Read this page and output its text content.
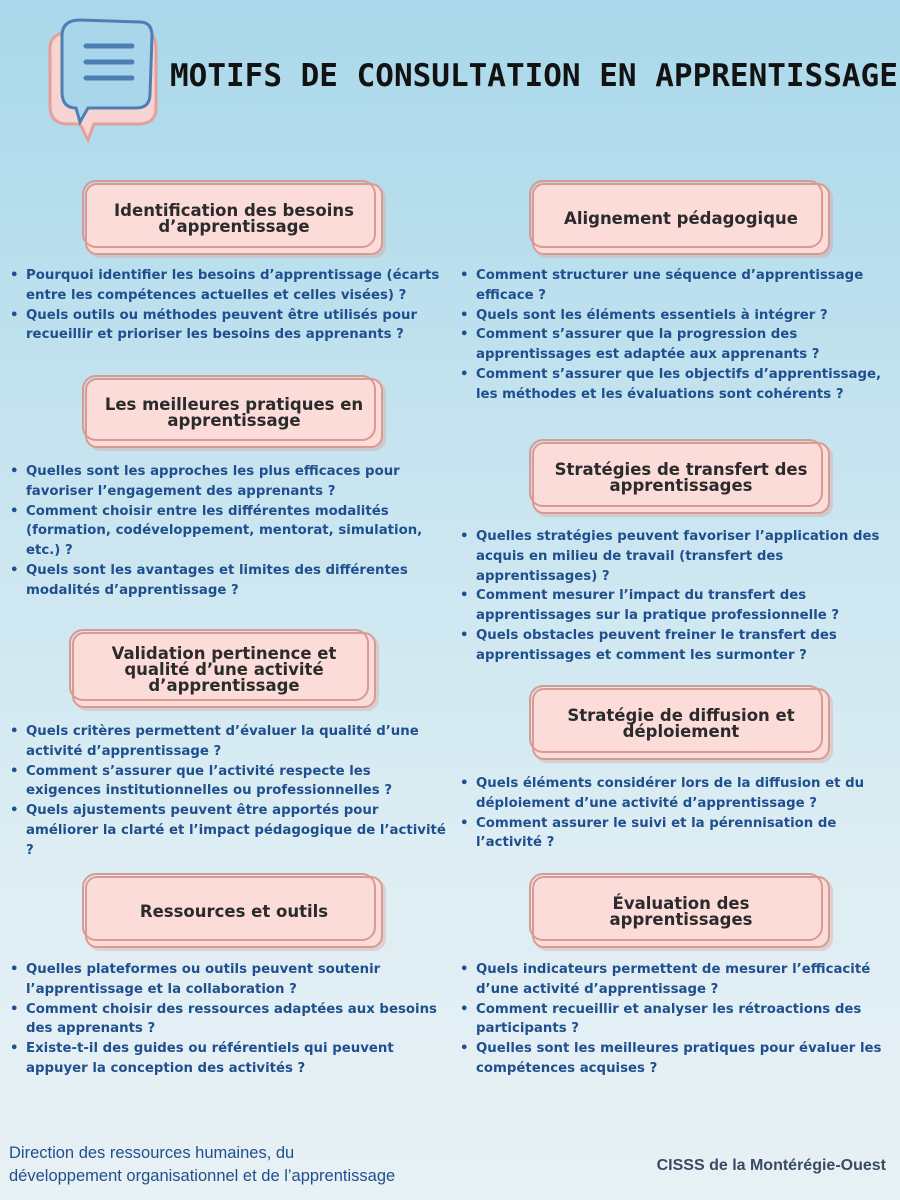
MOTIFS DE CONSULTATION EN APPRENTISSAGE
Identification des besoins d’apprentissage
• Pourquoi identifier les besoins d’apprentissage (écarts entre les compétences actuelles et celles visées) ?
• Quels outils ou méthodes peuvent être utilisés pour recueillir et prioriser les besoins des apprenants ?
Alignement pédagogique
• Comment structurer une séquence d’apprentissage efficace ?
• Quels sont les éléments essentiels à intégrer ?
• Comment s’assurer que la progression des apprentissages est adaptée aux apprenants ?
• Comment s’assurer que les objectifs d’apprentissage, les méthodes et les évaluations sont cohérents ?
Les meilleures pratiques en apprentissage
• Quelles sont les approches les plus efficaces pour favoriser l’engagement des apprenants ?
• Comment choisir entre les différentes modalités (formation, codéveloppement, mentorat, simulation, etc.) ?
• Quels sont les avantages et limites des différentes modalités d’apprentissage ?
Stratégies de transfert des apprentissages
• Quelles stratégies peuvent favoriser l’application des acquis en milieu de travail (transfert des apprentissages) ?
• Comment mesurer l’impact du transfert des apprentissages sur la pratique professionnelle ?
• Quels obstacles peuvent freiner le transfert des apprentissages et comment les surmonter ?
Validation pertinence et qualité d’une activité d’apprentissage
• Quels critères permettent d’évaluer la qualité d’une activité d’apprentissage ?
• Comment s’assurer que l’activité respecte les exigences institutionnelles ou professionnelles ?
• Quels ajustements peuvent être apportés pour améliorer la clarté et l’impact pédagogique de l’activité ?
Stratégie de diffusion et déploiement
• Quels éléments considérer lors de la diffusion et du déploiement d’une activité d’apprentissage ?
• Comment assurer le suivi et la pérennisation de l’activité ?
Ressources et outils
• Quelles plateformes ou outils peuvent soutenir l’apprentissage et la collaboration ?
• Comment choisir des ressources adaptées aux besoins des apprenants ?
• Existe-t-il des guides ou référentiels qui peuvent appuyer la conception des activités ?
Évaluation des apprentissages
• Quels indicateurs permettent de mesurer l’efficacité d’une activité d’apprentissage ?
• Comment recueillir et analyser les rétroactions des participants ?
• Quelles sont les meilleures pratiques pour évaluer les compétences acquises ?
Direction des ressources humaines, du
développement organisationnel et de l’apprentissage
CISSS de la Montérégie-Ouest
